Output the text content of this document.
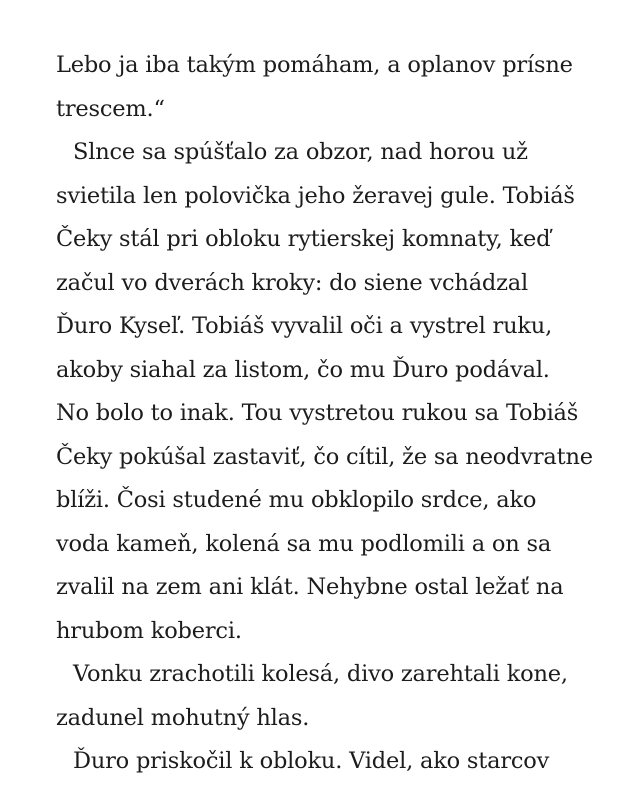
Lebo ja iba takým pomáham, a oplanov prísne
trescem.“
Slnce sa spúšťalo za obzor, nad horou už
svietila len polovička jeho žeravej gule. Tobiáš
Čeky stál pri obloku rytierskej komnaty, keď
začul vo dverách kroky: do siene vchádzal
Ďuro Kyseľ. Tobiáš vyvalil oči a vystrel ruku,
akoby siahal za listom, čo mu Ďuro podával.
No bolo to inak. Tou vystretou rukou sa Tobiáš
Čeky pokúšal zastaviť, čo cítil, že sa neodvratne
blíži. Čosi studené mu obklopilo srdce, ako
voda kameň, kolená sa mu podlomili a on sa
zvalil na zem ani klát. Nehybne ostal ležať na
hrubom koberci.
Vonku zrachotili kolesá, divo zarehtali kone,
zadunel mohutný hlas.
Ďuro priskočil k obloku. Videl, ako starcov
